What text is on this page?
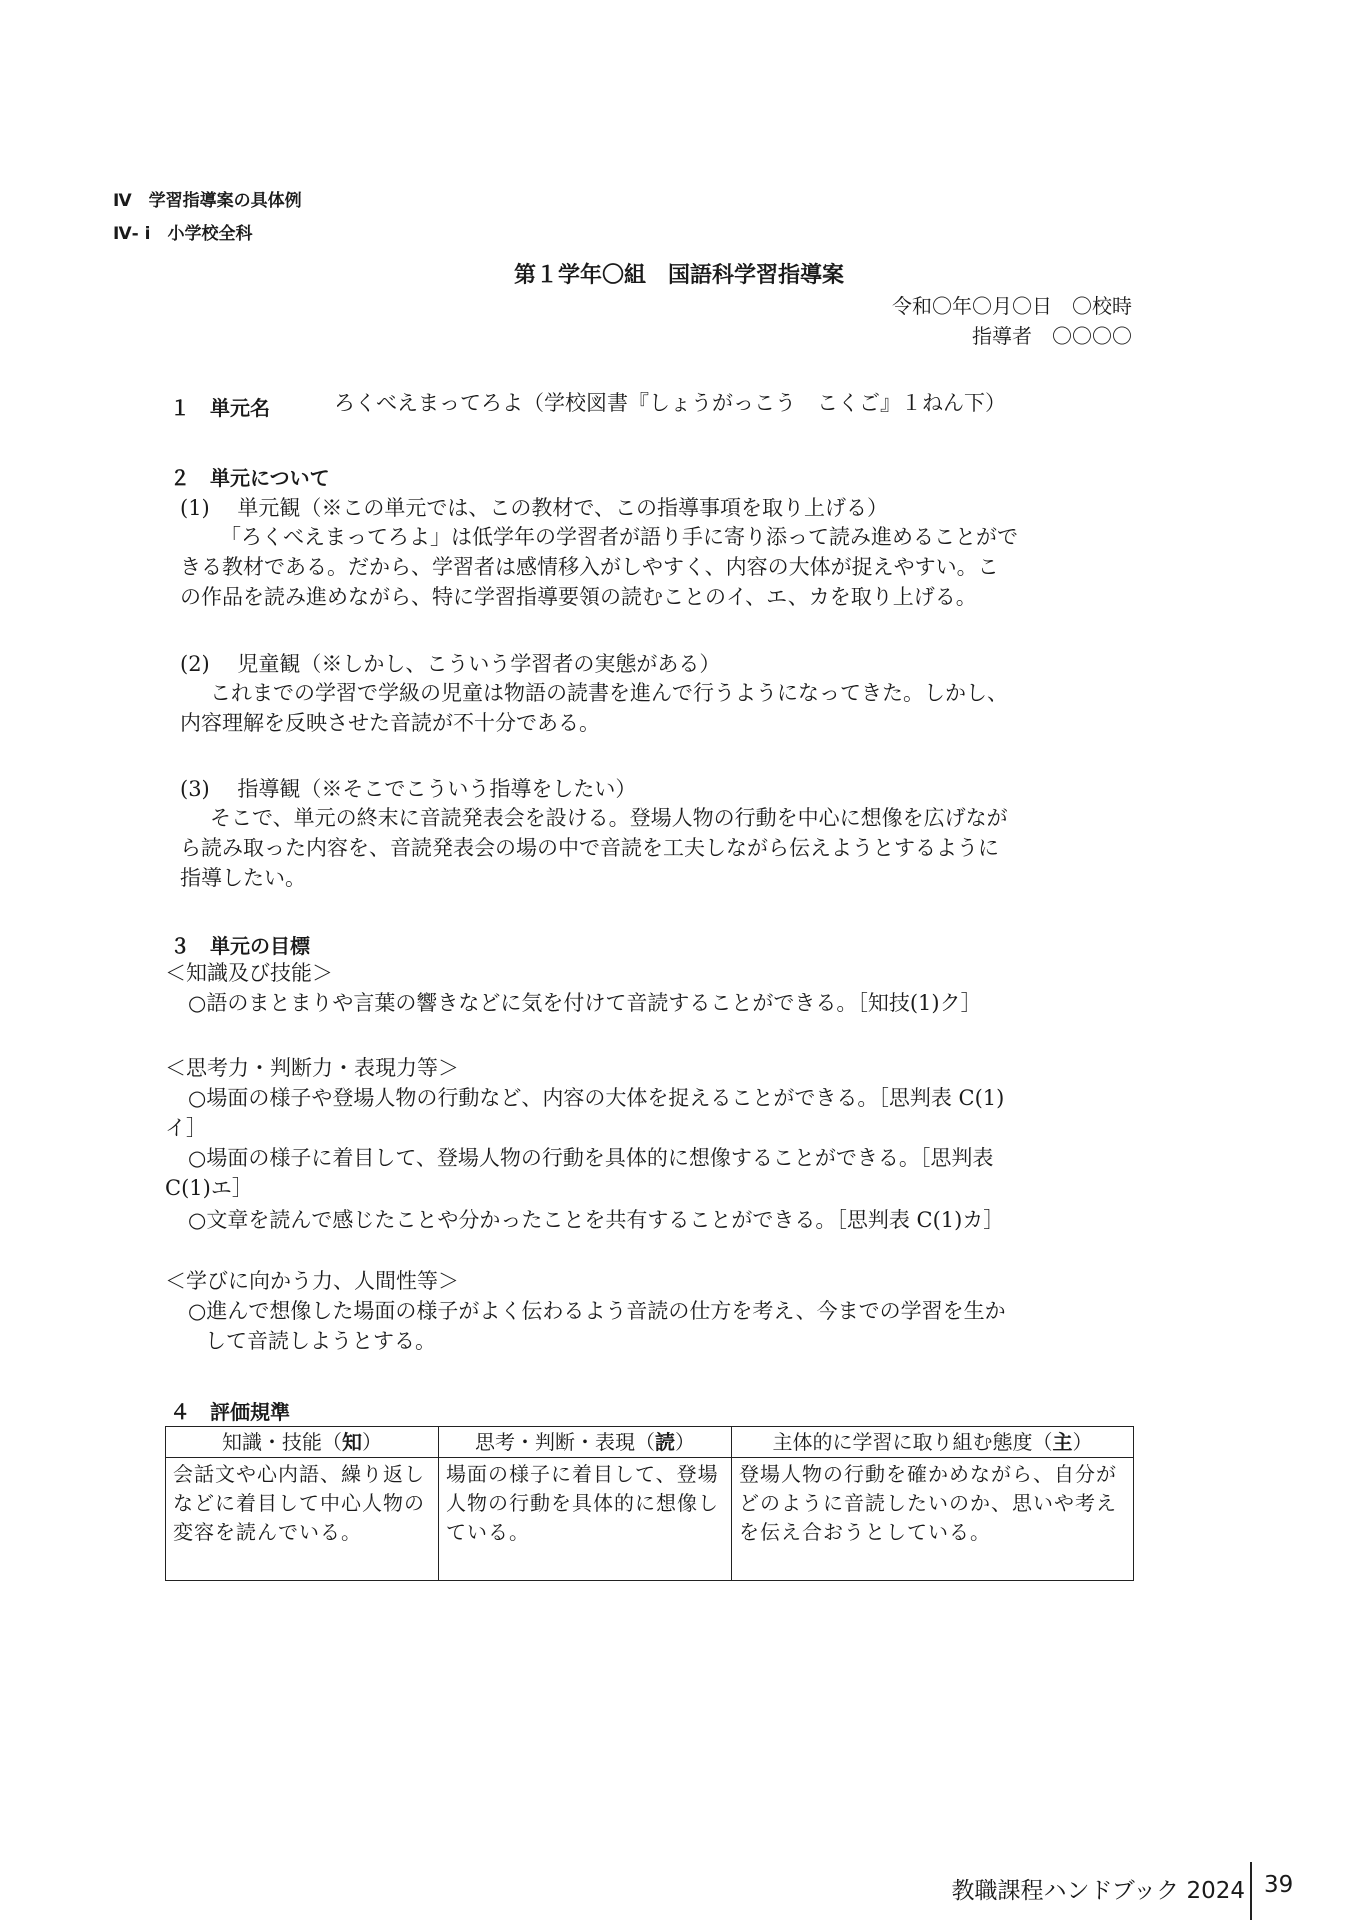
Ⅳ　学習指導案の具体例
Ⅳ- i　小学校全科
第１学年〇組　国語科学習指導案
令和〇年〇月〇日　〇校時
指導者　〇〇〇〇
１　単元名	ろくべえまってろよ（学校図書『しょうがっこう　こくご』１ねん下）
２　単元について
(1)　 単元観（※この単元では、この教材で、この指導事項を取り上げる）
「ろくべえまってろよ」は低学年の学習者が語り手に寄り添って読み進めることがで
きる教材である。だから、学習者は感情移入がしやすく、内容の大体が捉えやすい。こ
の作品を読み進めながら、特に学習指導要領の読むことのイ、エ、カを取り上げる。
(2)　 児童観（※しかし、こういう学習者の実態がある）
これまでの学習で学級の児童は物語の読書を進んで行うようになってきた。しかし、
内容理解を反映させた音読が不十分である。
(3)　 指導観（※そこでこういう指導をしたい）
そこで、単元の終末に音読発表会を設ける。登場人物の行動を中心に想像を広げなが
ら読み取った内容を、音読発表会の場の中で音読を工夫しながら伝えようとするように
指導したい。
３　単元の目標
＜知識及び技能＞
○語のまとまりや言葉の響きなどに気を付けて音読することができる。［知技(1)ク］
＜思考力・判断力・表現力等＞
○場面の様子や登場人物の行動など、内容の大体を捉えることができる。［思判表 C(1)
イ］
○場面の様子に着目して、登場人物の行動を具体的に想像することができる。［思判表
C(1)エ］
○文章を読んで感じたことや分かったことを共有することができる。［思判表 C(1)カ］
＜学びに向かう力、人間性等＞
○進んで想像した場面の様子がよく伝わるよう音読の仕方を考え、今までの学習を生か
して音読しようとする。
４　評価規準
知識・技能（知）	思考・判断・表現（読）	主体的に学習に取り組む態度（主）
会話文や心内語、繰り返しなどに着目して中心人物の変容を読んでいる。	場面の様子に着目して、登場人物の行動を具体的に想像している。	登場人物の行動を確かめながら、自分がどのように音読したいのか、思いや考えを伝え合おうとしている。
教職課程ハンドブック 2024 39
